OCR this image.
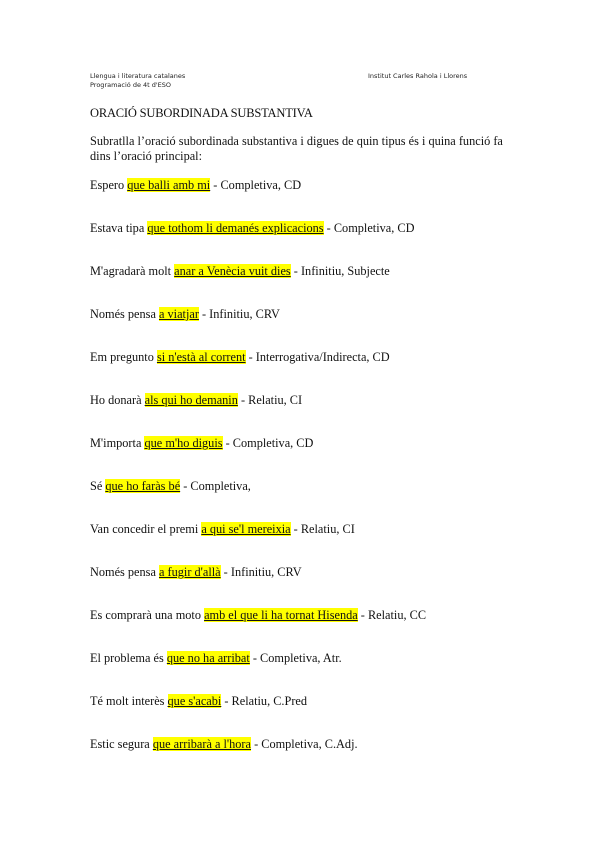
Llengua i literatura catalanes
Programació de 4t d'ESO
Institut Carles Rahola i Llorens
ORACIÓ SUBORDINADA SUBSTANTIVA
Subratlla l’oració subordinada substantiva i digues de quin tipus és i quina funció fa dins l’oració principal:
Espero que balli amb mi - Completiva, CD
Estava tipa que tothom li demanés explicacions - Completiva, CD
M'agradarà molt anar a Venècia vuit dies - Infinitiu, Subjecte
Només pensa a viatjar - Infinitiu, CRV
Em pregunto si n'està al corrent - Interrogativa/Indirecta, CD
Ho donarà als qui ho demanin - Relatiu, CI
M'importa que m'ho diguis - Completiva, CD
Sé que ho faràs bé - Completiva,
Van concedir el premi a qui se'l mereixia - Relatiu, CI
Només pensa a fugir d'allà - Infinitiu, CRV
Es comprarà una moto amb el que li ha tornat Hisenda - Relatiu, CC
El problema és que no ha arribat - Completiva, Atr.
Té molt interès que s'acabi - Relatiu, C.Pred
Estic segura que arribarà a l'hora - Completiva, C.Adj.
